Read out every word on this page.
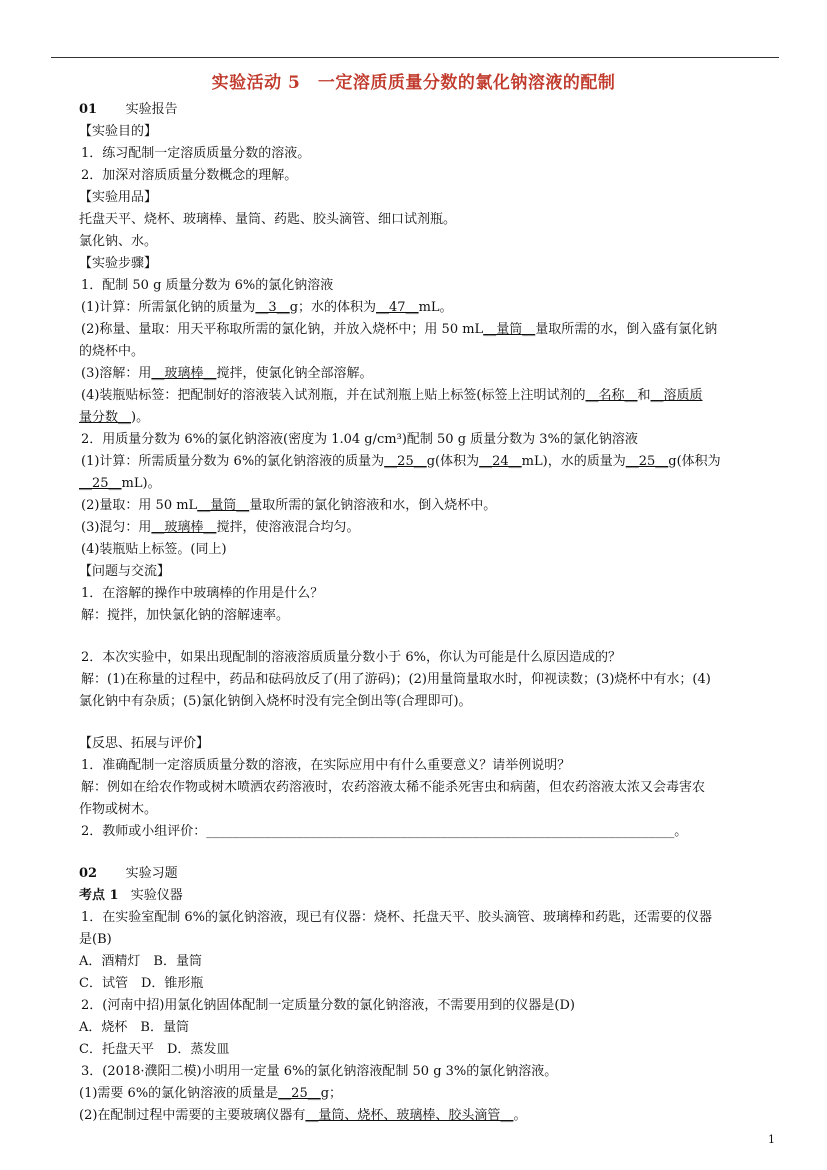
实验活动 5　一定溶质质量分数的氯化钠溶液的配制
01 实验报告
【实验目的】
1．练习配制一定溶质质量分数的溶液。
2．加深对溶质质量分数概念的理解。
【实验用品】
托盘天平、烧杯、玻璃棒、量筒、药匙、胶头滴管、细口试剂瓶。
氯化钠、水。
【实验步骤】
1．配制 50 g 质量分数为 6%的氯化钠溶液
(1)计算：所需氯化钠的质量为__3__g；水的体积为__47__mL。
(2)称量、量取：用天平称取所需的氯化钠，并放入烧杯中；用 50 mL__量筒__量取所需的水，倒入盛有氯化钠
的烧杯中。
(3)溶解：用__玻璃棒__搅拌，使氯化钠全部溶解。
(4)装瓶贴标签：把配制好的溶液装入试剂瓶，并在试剂瓶上贴上标签(标签上注明试剂的__名称__和__溶质质
量分数__)。
2．用质量分数为 6%的氯化钠溶液(密度为 1.04 g/cm³)配制 50 g 质量分数为 3%的氯化钠溶液
(1)计算：所需质量分数为 6%的氯化钠溶液的质量为__25__g(体积为__24__mL)，水的质量为__25__g(体积为
__25__mL)。
(2)量取：用 50 mL__量筒__量取所需的氯化钠溶液和水，倒入烧杯中。
(3)混匀：用__玻璃棒__搅拌，使溶液混合均匀。
(4)装瓶贴上标签。(同上)
【问题与交流】
1．在溶解的操作中玻璃棒的作用是什么？
解：搅拌，加快氯化钠的溶解速率。
2．本次实验中，如果出现配制的溶液溶质质量分数小于 6%，你认为可能是什么原因造成的？
解：(1)在称量的过程中，药品和砝码放反了(用了游码)；(2)用量筒量取水时，仰视读数；(3)烧杯中有水；(4)
氯化钠中有杂质；(5)氯化钠倒入烧杯时没有完全倒出等(合理即可)。
【反思、拓展与评价】
1．准确配制一定溶质质量分数的溶液，在实际应用中有什么重要意义？请举例说明？
解：例如在给农作物或树木喷洒农药溶液时，农药溶液太稀不能杀死害虫和病菌，但农药溶液太浓又会毒害农
作物或树木。
2．教师或小组评价：________________________________________________________________________。
02 实验习题
考点 1 实验仪器
1．在实验室配制 6%的氯化钠溶液，现已有仪器：烧杯、托盘天平、胶头滴管、玻璃棒和药匙，还需要的仪器
是(B)
A．酒精灯　B．量筒
C．试管　D．锥形瓶
2．(河南中招)用氯化钠固体配制一定质量分数的氯化钠溶液，不需要用到的仪器是(D)
A．烧杯　B．量筒
C．托盘天平　D．蒸发皿
3．(2018·濮阳二模)小明用一定量 6%的氯化钠溶液配制 50 g 3%的氯化钠溶液。
(1)需要 6%的氯化钠溶液的质量是__25__g；
(2)在配制过程中需要的主要玻璃仪器有__量筒、烧杯、玻璃棒、胶头滴管__。
1
